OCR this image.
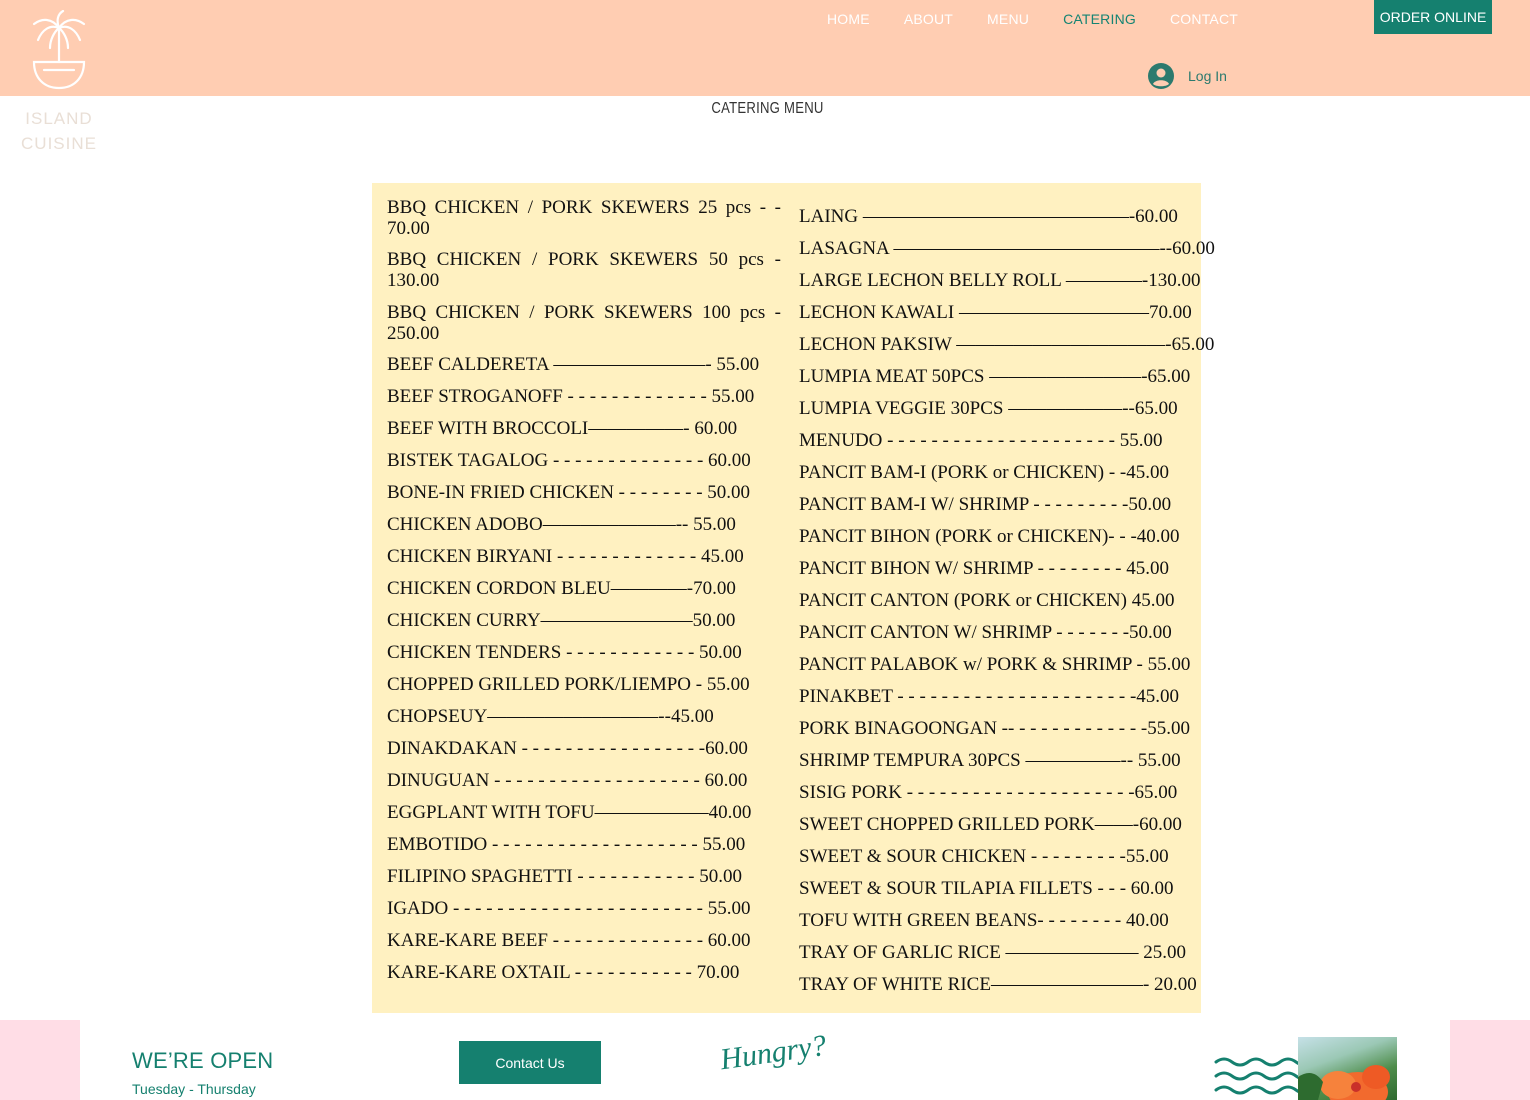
ISLAND
CUISINE
HOME	ABOUT	MENU	CATERING	CONTACT	ORDER ONLINE
Log In
CATERING MENU
BBQ CHICKEN / PORK SKEWERS 25 pcs - - 70.00
BBQ CHICKEN / PORK SKEWERS 50 pcs - 130.00
BBQ CHICKEN / PORK SKEWERS 100 pcs - 250.00
BEEF CALDERETA ————————- 55.00
BEEF STROGANOFF - - - - - - - - - - - - - 55.00
BEEF WITH BROCCOLI—————- 60.00
BISTEK TAGALOG - - - - - - - - - - - - - - 60.00
BONE-IN FRIED CHICKEN - - - - - - - - 50.00
CHICKEN ADOBO———————-- 55.00
CHICKEN BIRYANI - - - - - - - - - - - - - 45.00
CHICKEN CORDON BLEU————-70.00
CHICKEN CURRY————————50.00
CHICKEN TENDERS - - - - - - - - - - - - 50.00
CHOPPED GRILLED PORK/LIEMPO - 55.00
CHOPSEUY—————————--45.00
DINAKDAKAN - - - - - - - - - - - - - - - - -60.00
DINUGUAN - - - - - - - - - - - - - - - - - - - 60.00
EGGPLANT WITH TOFU——————40.00
EMBOTIDO - - - - - - - - - - - - - - - - - - - 55.00
FILIPINO SPAGHETTI - - - - - - - - - - - 50.00
IGADO - - - - - - - - - - - - - - - - - - - - - - - 55.00
KARE-KARE BEEF - - - - - - - - - - - - - - 60.00
KARE-KARE OXTAIL - - - - - - - - - - - 70.00
LAING ——————————————-60.00
LASAGNA ——————————————--60.00
LARGE LECHON BELLY ROLL ————-130.00
LECHON KAWALI ——————————70.00
LECHON PAKSIW ———————————-65.00
LUMPIA MEAT 50PCS ————————-65.00
LUMPIA VEGGIE 30PCS ——————--65.00
MENUDO - - - - - - - - - - - - - - - - - - - - - 55.00
PANCIT BAM-I (PORK or CHICKEN) - -45.00
PANCIT BAM-I W/ SHRIMP - - - - - - - - -50.00
PANCIT BIHON (PORK or CHICKEN)- - -40.00
PANCIT BIHON W/ SHRIMP - - - - - - - - 45.00
PANCIT CANTON (PORK or CHICKEN) 45.00
PANCIT CANTON W/ SHRIMP - - - - - - -50.00
PANCIT PALABOK w/ PORK & SHRIMP - 55.00
PINAKBET - - - - - - - - - - - - - - - - - - - - - -45.00
PORK BINAGOONGAN -- - - - - - - - - - - - -55.00
SHRIMP TEMPURA 30PCS —————-- 55.00
SISIG PORK - - - - - - - - - - - - - - - - - - - - -65.00
SWEET CHOPPED GRILLED PORK——-60.00
SWEET & SOUR CHICKEN - - - - - - - - -55.00
SWEET & SOUR TILAPIA FILLETS - - - 60.00
TOFU WITH GREEN BEANS- - - - - - - - 40.00
TRAY OF GARLIC RICE ——————— 25.00
TRAY OF WHITE RICE————————- 20.00
WE’RE OPEN
Tuesday - Thursday
Contact Us	Hungry?
